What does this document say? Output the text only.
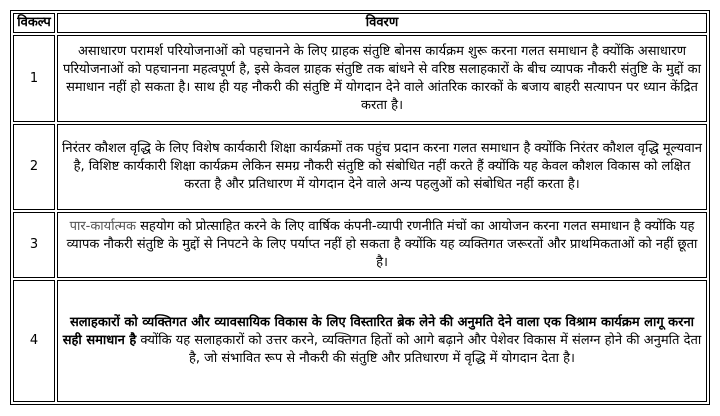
विकल्प	विवरण
1	असाधारण परामर्श परियोजनाओं को पहचानने के लिए ग्राहक संतुष्टि बोनस कार्यक्रम शुरू करना गलत समाधान है क्योंकि असाधारण परियोजनाओं को पहचानना महत्वपूर्ण है, इसे केवल ग्राहक संतुष्टि तक बांधने से वरिष्ठ सलाहकारों के बीच व्यापक नौकरी संतुष्टि के मुद्दों का समाधान नहीं हो सकता है। साथ ही यह नौकरी की संतुष्टि में योगदान देने वाले आंतरिक कारकों के बजाय बाहरी सत्यापन पर ध्यान केंद्रित करता है।
2	निरंतर कौशल वृद्धि के लिए विशेष कार्यकारी शिक्षा कार्यक्रमों तक पहुंच प्रदान करना गलत समाधान है क्योंकि निरंतर कौशल वृद्धि मूल्यवान है, विशिष्ट कार्यकारी शिक्षा कार्यक्रम लेकिन समग्र नौकरी संतुष्टि को संबोधित नहीं करते हैं क्योंकि यह केवल कौशल विकास को लक्षित करता है और प्रतिधारण में योगदान देने वाले अन्य पहलुओं को संबोधित नहीं करता है।
3	पार-कार्यात्मक सहयोग को प्रोत्साहित करने के लिए वार्षिक कंपनी-व्यापी रणनीति मंचों का आयोजन करना गलत समाधान है क्योंकि यह व्यापक नौकरी संतुष्टि के मुद्दों से निपटने के लिए पर्याप्त नहीं हो सकता है क्योंकि यह व्यक्तिगत जरूरतों और प्राथमिकताओं को नहीं छूता है।
4	सलाहकारों को व्यक्तिगत और व्यावसायिक विकास के लिए विस्तारित ब्रेक लेने की अनुमति देने वाला एक विश्राम कार्यक्रम लागू करना सही समाधान है क्योंकि यह सलाहकारों को उत्तर करने, व्यक्तिगत हितों को आगे बढ़ाने और पेशेवर विकास में संलग्न होने की अनुमति देता है, जो संभावित रूप से नौकरी की संतुष्टि और प्रतिधारण में वृद्धि में योगदान देता है।
